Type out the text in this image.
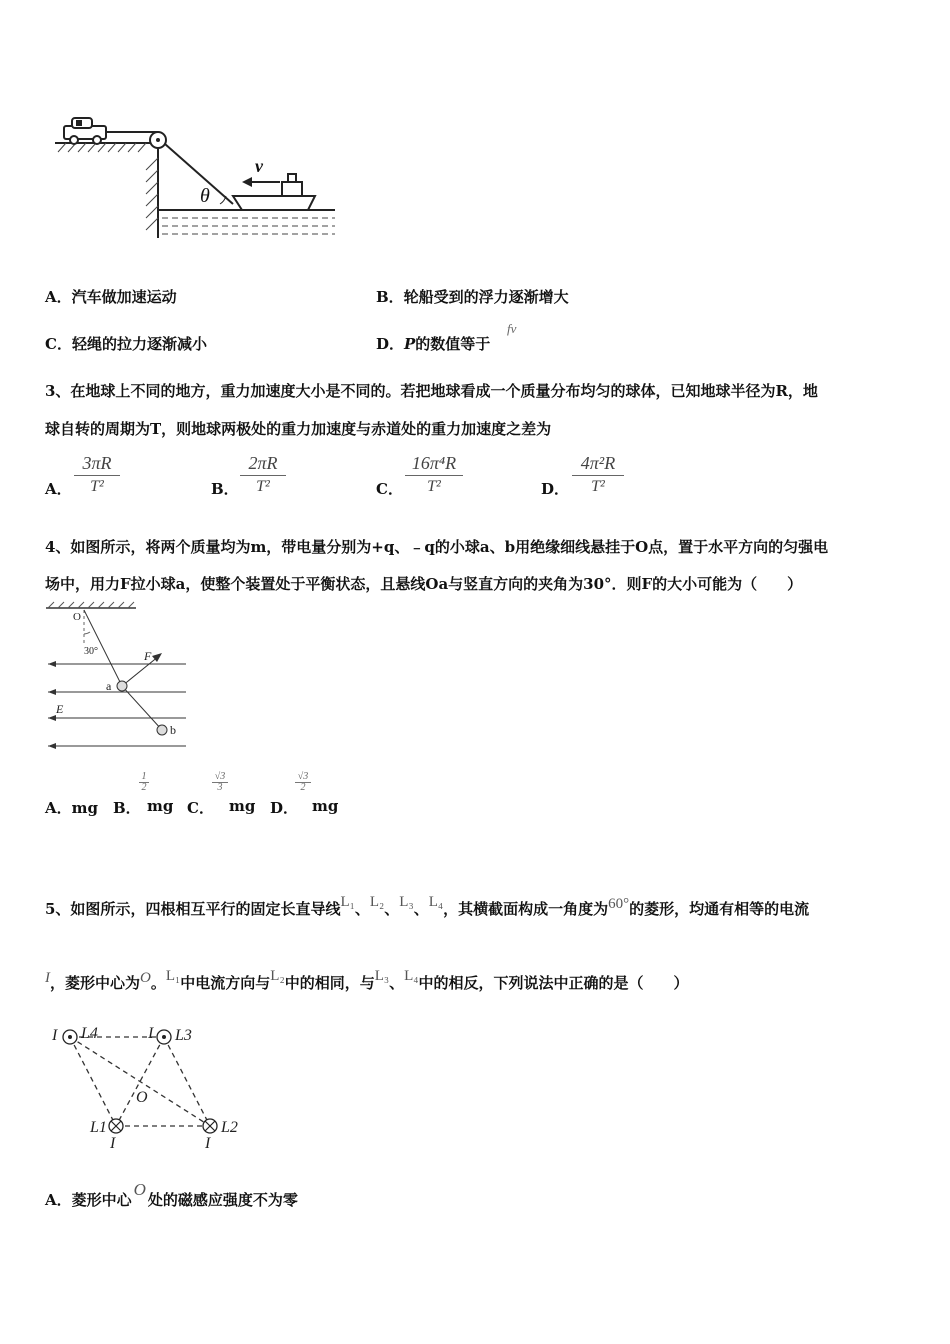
θ
v
A．汽车做加速运动	B．轮船受到的浮力逐渐增大
C．轻绳的拉力逐渐减小	D．P的数值等于
fv
3、在地球上不同的地方，重力加速度大小是不同的。若把地球看成一个质量分布均匀的球体，已知地球半径为R，地
球自转的周期为T，则地球两极处的重力加速度与赤道处的重力加速度之差为
A．
3πR
T²	B．
2πR
T²	C．
16π⁴R
T²	D．
4π²R
T²
4、如图所示，将两个质量均为m，带电量分别为+q、﹣q的小球a、b用绝缘细线悬挂于O点，置于水平方向的匀强电
场中，用力F拉小球a，使整个装置处于平衡状态，且悬线Oa与竖直方向的夹角为30°．则F的大小可能为（　　）
O
30°
E
F
a
b
A．mg B．
1
2
mg C．
√3
3
mg D．
√3
2
mg
5、如图所示，四根相互平行的固定长直导线L₁、L₂、L₃、L₄，其横截面构成一角度为60°的菱形，均通有相等的电流
I，菱形中心为O。L₁中电流方向与L₂中的相同，与L₃、L₄中的相反，下列说法中正确的是（　　）
I L4	I L3
O
L1
I	I
L2
A．菱形中心O处的磁感应强度不为零
